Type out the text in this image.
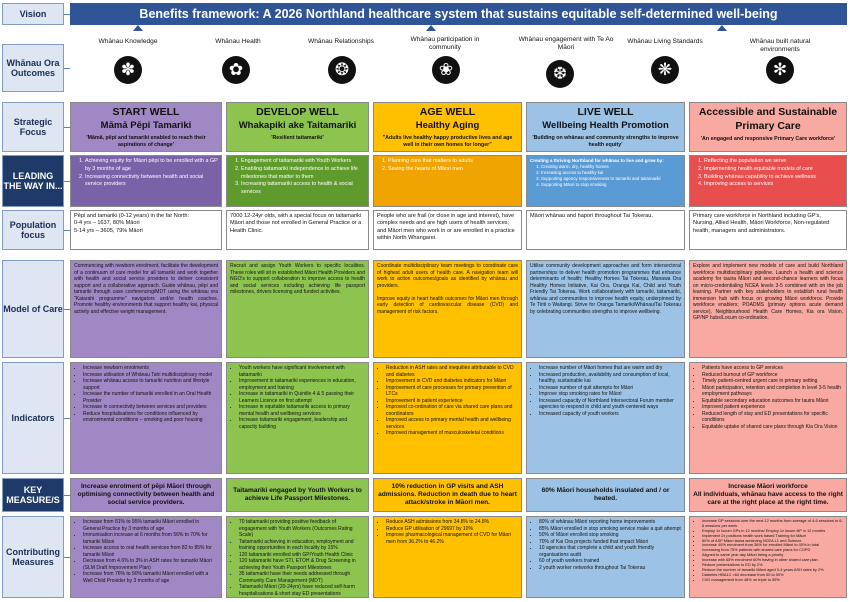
Vision	Benefits framework: A 2026 Northland healthcare system that sustains equitable self-determined well-being
Whānau Ora Outcomes
Whānau Knowledge
✽
Whānau Health
✿
Whānau Relationships
❂
Whānau participation in community
❀
Whānau engagement with Te Ao Māori
❆
Whānau Living Standards
❋
Whānau built natural environments
✻
Strategic Focus
LEADING THE WAY IN...
Population focus
Model of Care
Indicators
KEY MEASURE/S
Contributing Measures
START WELL
Māmā Pēpi Tamariki
'Māmā, pēpi and tamariki enabled to reach their aspirations of change'
1. Achieving equity for Māori pēpi to be enrolled with a GP by 3 months of age
2. Increasing connectivity between health and social service providers
Pēpi and tamariki (0-12 years) in the far North:
0-4 yrs – 1637, 80% Māori
5-14 yrs – 3605, 79% Māori

Commencing with newborn enrolment, facilitate the development of a continuum of care model for all tamariki and work together with health and social service providers to deliver consistent support and a collaborative approach. Guide whānau, pēpi and tamariki through case conferencing/MDT using the whānau ora "Kaiarahi programme" navigators and/or health coaches. Promote healthy environments that support healthy kai, physical activity and effective weight management.

• Increase newborn enrolments
• Increase utilisation of Whānau Tahi multidisciplinary model
• Increase whānau access to tamariki nutrition and lifestyle support
• Increase the number of tamariki enrolled in an Oral Health Provider
• Increase in connectivity between services and providers
• Reduce hospitalisations for conditions influenced by environmental conditions – smoking and poor housing
Increase enrolment of pēpi Māori through optimising connectivity between health and social service providers.
• Increase from 81% to 95% tamariki Māori enrolled in General Practice by 3 months of age
• Immunisation increase at 6 months from 56% to 70% for tamariki Māori
• Increase access to oral health services from 82 to 85% for tamariki Māori
• Decrease from 4.6% to 3% in ASH rates for tamariki Māori (SLM Draft Improvement Plan)
• Increase from 76% to 90% tamariki Māori enrolled with a Well Child Provider by 3 months of age
DEVELOP WELL
Whakapiki ake Taitamariki
'Resilient taitamariki'
1. Engagement of taitamariki with Youth Workers
2. Enabling taitamariki independence to achieve life milestones that matter to them
3. Increasing taitamariki access to health & social services
7000 12-24yr olds, with a special focus on taitamariki Māori and those not enrolled in General Practice or a Health Clinic.

Recruit and assign Youth Workers to specific localities. These roles will sit in established Māori Health Providers and NGO's to support collaboration to improve access to health and social services including achieving life passport milestones, drivers licensing and funded activities.

• Youth workers have significant involvement with taitamariki
• Improvement in taitamariki experiences in education, employment and training
• Increase in taitamariki in Quintile 4 & 5 passing their Learners Licence on first attempt
• Increase in equitable taitamariki access to primary mental health and wellbeing services
• Increase taitamariki engagement, leadership and capacity building
Taitamariki engaged by Youth Workers to achieve Life Passport Milestones.
• 70 taitamariki providing positive feedback of engagement with Youth Workers (Outcomes Rating Scale)
• Taitamariki achieving in education, employment and training opportunities in each locality by 15%
• 120 taitamariki enrolled with GP/Youth Health Clinic
• 120 taitamariki have STI, ETOH & Drug Screening in achieving their Youth Passport Milestones
• 35 taitamariki have their needs addressed through Community Care Management (MDT)
• Taitamariki Māori (20-24yrs) have reduced self-harm hospitalisations & short stay ED presentations
AGE WELL
Healthy Aging
"Adults live healthy happy productive lives and age well in their own homes for longer"
1. Planning care that matters to adults
2. Saving the hearts of Māori men
People who are frail (or close in age and interest), have complex needs and are high users of health services; and Māori men who work in or are enrolled in a practice within North Whangarei.

Coordinate multidisciplinary team meetings to coordinate care of highest adult users of health care. A navigation team will work to action outcomes/goals as identified by whānau and providers.

Improve equity in heart health outcomes for Māori men through early detection of cardiovascular disease (CVD) and management of risk factors.

• Reduction in ASH rates and inequities attributable to CVD and diabetes
• Improvement in CVD and diabetes indicators for Māori
• Improvement of care processes for primary prevention of LTCs
• Improvement in patient experience
• Improved co-ordination of care via shared care plans and coordinators
• Improved access to primary mental health and wellbeing services
• Improved management of musculoskeletal conditions
10% reduction in GP visits and ASH admissions. Reduction in death due to heart attack/stroke in Māori men.
• Reduce ASH admissions from 34.8% to 24.8%
• Reduce GP utilisation of 29697 by 10%
• Improve pharmacological management of CVD for Māori men from 36.2% to 46.2%
LIVE WELL
Wellbeing Health Promotion
'Building on whānau and community strengths to improve health equity'
Creating a thriving Northland for whānau to live and grow by:
1. Creating warm, dry, healthy homes
2. Increasing access to healthy kai
3. Supporting agency responsiveness to tamariki and taitamariki
4. Supporting Māori to stop smoking
Māori whānau and hapori throughout Tai Tokerau.

Utilise community development approaches and form intersectoral partnerships to deliver health promotion programmes that enhance determinants of health; Healthy Homes Tai Tokerau, Manawa Ora Healthy Homes Initiative, Kai Ora, Oranga Kai, Child and Youth Friendly Tai Tokerau. Work collaboratively with tamariki, taitamariki, whānau and communities to improve health equity, underpinned by Te Tiriti o Waitangi. Strive for Oranga Tamariki/Whānau/Tai Tokerau by celebrating communities strengths to improve wellbeing.

• Increase number of Māori homes that are warm and dry
• Increased production, availability and consumption of local, healthy, sustainable kai
• Increase number of quit attempts for Māori
• Improve stop smoking rates for Māori
• Increased capacity of Northland Intersectoral Forum member agencies to respond in child and youth-centered ways
• Increased capacity of youth workers
60% Māori households insulated and / or heated.
• 80% of whānau Māori reporting home improvements
• 85% Māori enrolled in stop smoking service make a quit attempt
• 50% of Māori enrolled stop smoking
• 70% of Kai Ora projects funded that impact Māori
• 10 agencies that complete a child and youth friendly organisations audit
• 60 of youth workers trained
• 2 youth worker networks throughout Tai Tokerau
Accessible and Sustainable Primary Care
'An engaged and responsive Primary Care workforce'
1. Reflecting the population we serve
2. Implementing health equitable models of care
3. Building whānau capability to achieve wellness
4. Improving access to services
Primary care workforce in Northland including GP's, Nursing, Allied Health, Māori Workforce, Non-regulated health, managers and administrators.

Explore and implement new models of care and build Northland workforce multidisciplinary pipeline. Launch a health and science academy for tauira Māori and second-chance learners with focus on micro-credentialing NCEA levels 3-5 combined with on the job learning. Partner with key stakeholders to establish rural health immersion hub with focus on growing Māori workforce. Provide workforce enablers; POADMS (primary options acute demand service), Neighbourhood Health Care Homes, Kia ora Vision, GP/NP hubs/Locum co-ordination.

• Patients have access to GP services
• Reduced burnout of GP workforce
• Timely patient-centred urgent care in primary setting
• Māori participation, retention and completion in level 3-5 health employment pathways
• Equitable secondary education outcomes for tauira Māori
• Improved patient experience
• Reduced length of stay and ED presentations for specific conditions
• Equitable uptake of shared care plans through Kia Ora Vision
Increase Māori workforce
All individuals, whānau have access to the right care at the right place at the right time.
• Increase GP sessions over the next 12 months from average of 4-6 sessions to 6-8 sessions per week
• Employ 1x locum GPs in 12 months/ Employ 1x locum NP in 12 months
• Implement 2x positions health work based Training for Māori
• 60% of ASP Māori tauira achieving NCEA L1 and Science
• Increase 40% enrolment from 36% for enrolled Māori to 40% in total
• Increasing from 75% patients with shared care plans for COPD
• Aligned to same year day Māori being a priority
• Increase with 65% enrolment 60% having in other shared care plan
• Reduce presentations to ED by 2%
• Reduce the number of tamariki Māori aged 0-4 years ASH rates by 2%
• Diabetes HBA1C <64 decrease from 60 to 50%
• CVD management from 48% on triple to 55%
